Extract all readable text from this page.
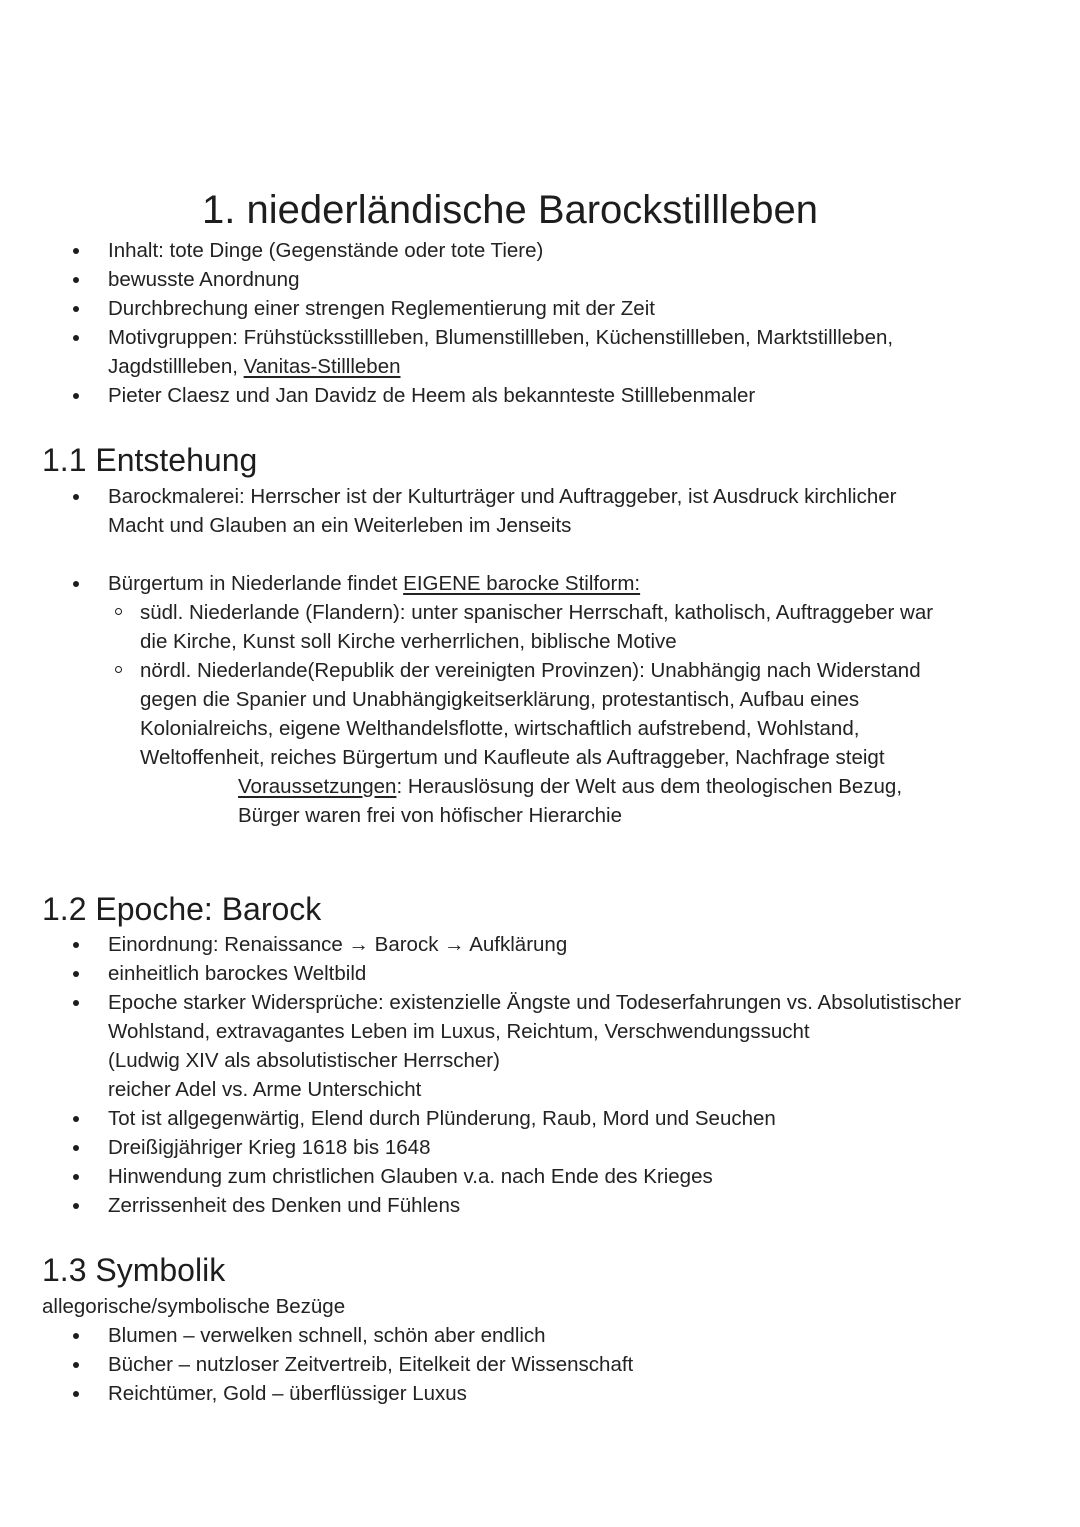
1. niederländische Barockstillleben
Inhalt: tote Dinge (Gegenstände oder tote Tiere)
bewusste Anordnung
Durchbrechung einer strengen Reglementierung mit der Zeit
Motivgruppen: Frühstücksstillleben, Blumenstillleben, Küchenstillleben, Marktstillleben, Jagdstillleben, Vanitas-Stillleben
Pieter Claesz und Jan Davidz de Heem als bekannteste Stilllebenmaler
1.1 Entstehung
Barockmalerei: Herrscher ist der Kulturträger und Auftraggeber, ist Ausdruck kirchlicher Macht und Glauben an ein Weiterleben im Jenseits
Bürgertum in Niederlande findet EIGENE barocke Stilform:
südl. Niederlande (Flandern): unter spanischer Herrschaft, katholisch, Auftraggeber war die Kirche, Kunst soll Kirche verherrlichen, biblische Motive
nördl. Niederlande(Republik der vereinigten Provinzen): Unabhängig nach Widerstand gegen die Spanier und Unabhängigkeitserklärung, protestantisch, Aufbau eines Kolonialreichs, eigene Welthandelsflotte, wirtschaftlich aufstrebend, Wohlstand, Weltoffenheit, reiches Bürgertum und Kaufleute als Auftraggeber, Nachfrage steigt
Voraussetzungen: Herauslösung der Welt aus dem theologischen Bezug,
Bürger waren frei von höfischer Hierarchie
1.2 Epoche: Barock
Einordnung: Renaissance → Barock → Aufklärung
einheitlich barockes Weltbild
Epoche starker Widersprüche: existenzielle Ängste und Todeserfahrungen vs. Absolutistischer
Wohlstand, extravagantes Leben im Luxus, Reichtum, Verschwendungssucht
(Ludwig XIV als absolutistischer Herrscher)
reicher Adel vs. Arme Unterschicht
Tot ist allgegenwärtig, Elend durch Plünderung, Raub, Mord und Seuchen
Dreißigjähriger Krieg 1618 bis 1648
Hinwendung zum christlichen Glauben v.a. nach Ende des Krieges
Zerrissenheit des Denken und Fühlens
1.3 Symbolik
allegorische/symbolische Bezüge
Blumen – verwelken schnell, schön aber endlich
Bücher – nutzloser Zeitvertreib, Eitelkeit der Wissenschaft
Reichtümer, Gold – überflüssiger Luxus
